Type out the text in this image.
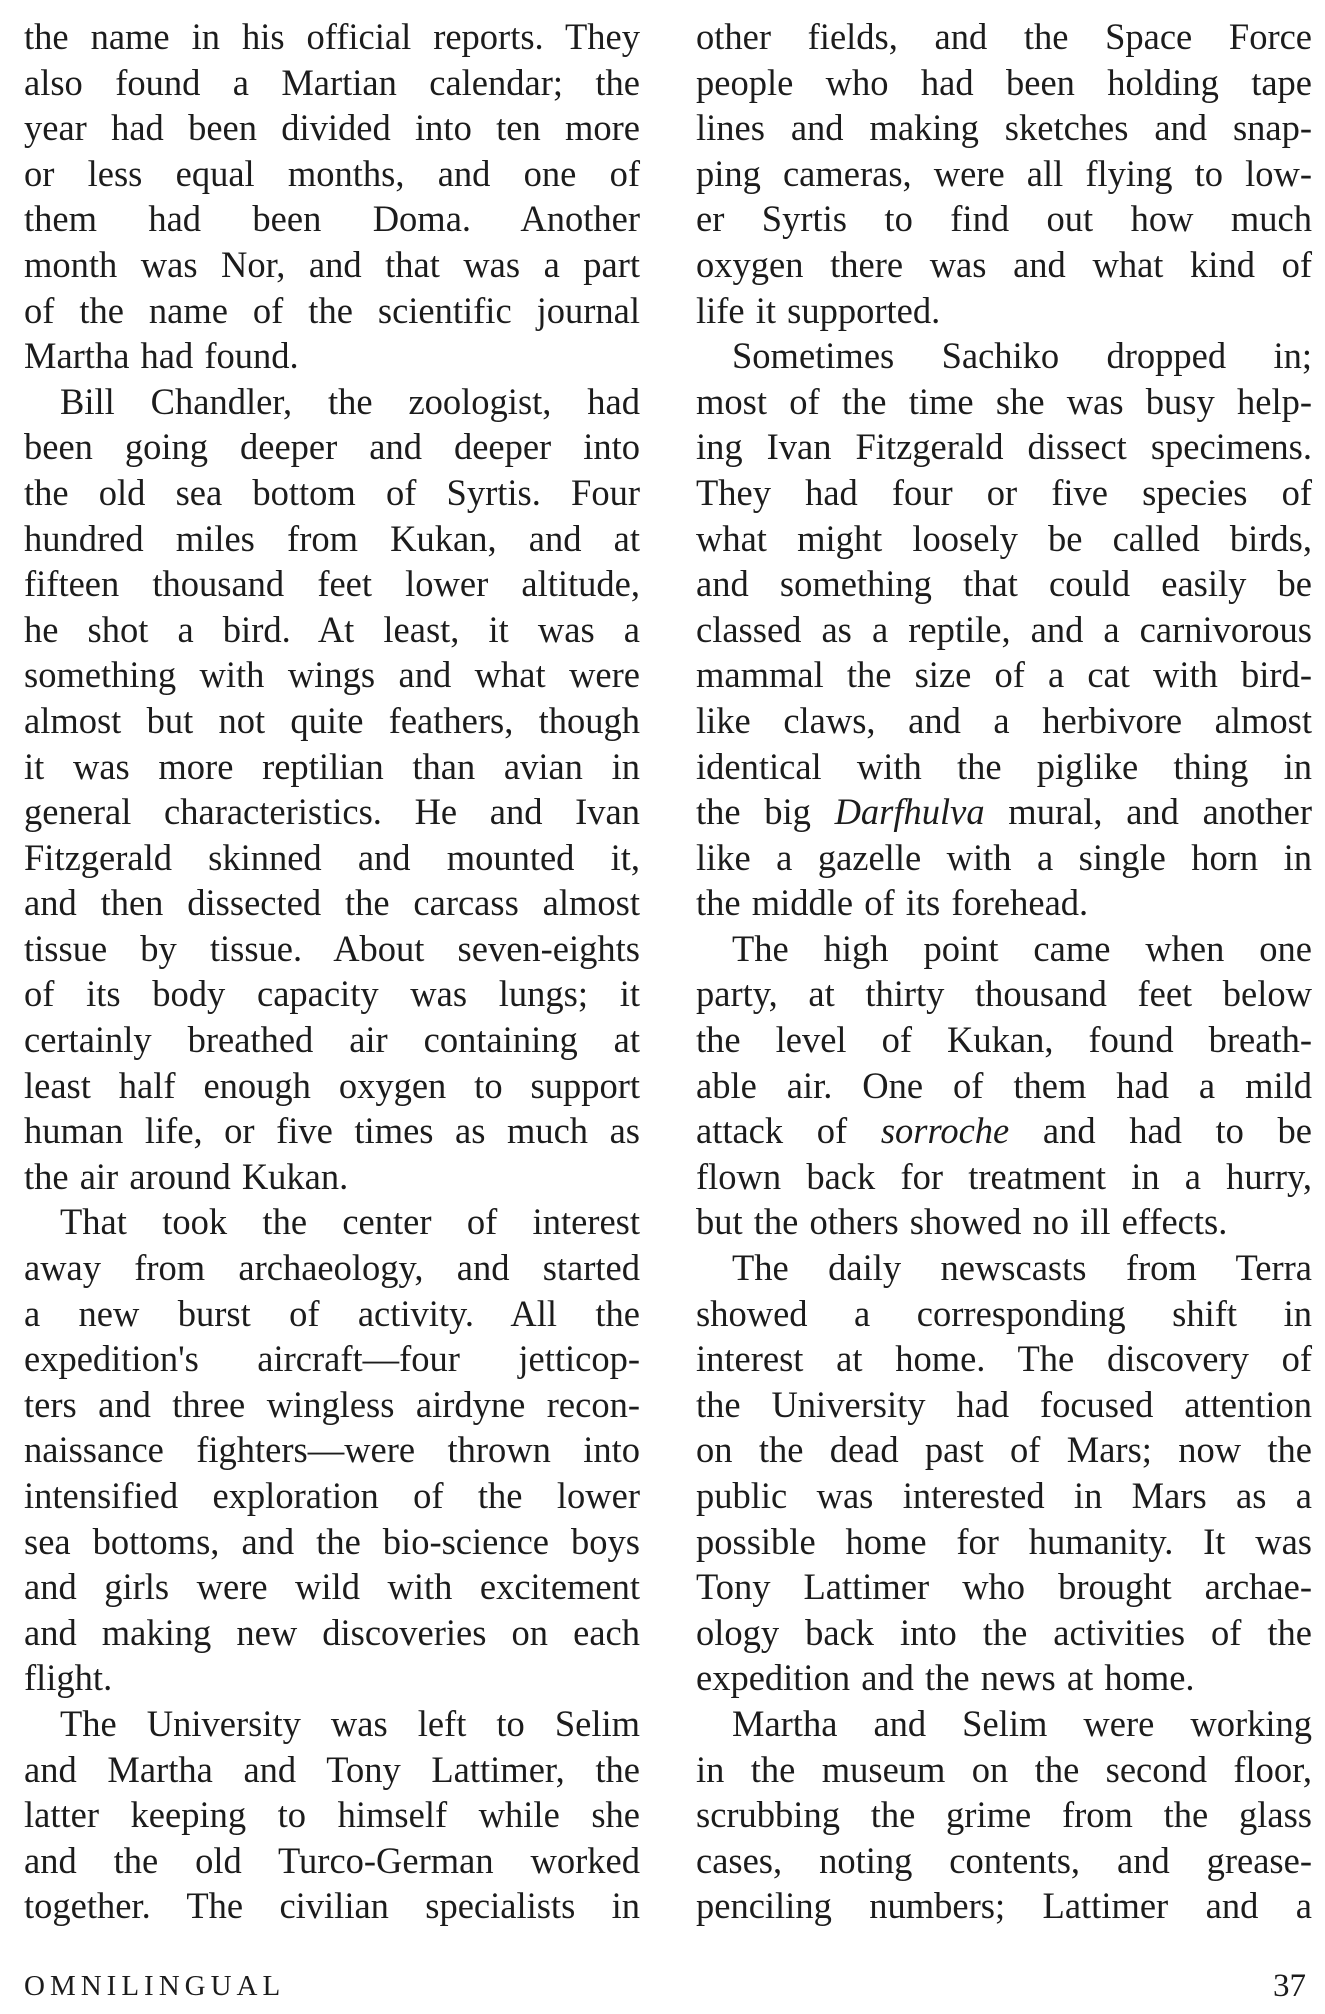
the name in his official reports. They
also found a Martian calendar; the
year had been divided into ten more
or less equal months, and one of
them had been Doma. Another
month was Nor, and that was a part
of the name of the scientific journal
Martha had found.
Bill Chandler, the zoologist, had
been going deeper and deeper into
the old sea bottom of Syrtis. Four
hundred miles from Kukan, and at
fifteen thousand feet lower altitude,
he shot a bird. At least, it was a
something with wings and what were
almost but not quite feathers, though
it was more reptilian than avian in
general characteristics. He and Ivan
Fitzgerald skinned and mounted it,
and then dissected the carcass almost
tissue by tissue. About seven-eights
of its body capacity was lungs; it
certainly breathed air containing at
least half enough oxygen to support
human life, or five times as much as
the air around Kukan.
That took the center of interest
away from archaeology, and started
a new burst of activity. All the
expedition's aircraft—four jetticop-
ters and three wingless airdyne recon-
naissance fighters—were thrown into
intensified exploration of the lower
sea bottoms, and the bio-science boys
and girls were wild with excitement
and making new discoveries on each
flight.
The University was left to Selim
and Martha and Tony Lattimer, the
latter keeping to himself while she
and the old Turco-German worked
together. The civilian specialists in
other fields, and the Space Force
people who had been holding tape
lines and making sketches and snap-
ping cameras, were all flying to low-
er Syrtis to find out how much
oxygen there was and what kind of
life it supported.
Sometimes Sachiko dropped in;
most of the time she was busy help-
ing Ivan Fitzgerald dissect specimens.
They had four or five species of
what might loosely be called birds,
and something that could easily be
classed as a reptile, and a carnivorous
mammal the size of a cat with bird-
like claws, and a herbivore almost
identical with the piglike thing in
the big Darfhulva mural, and another
like a gazelle with a single horn in
the middle of its forehead.
The high point came when one
party, at thirty thousand feet below
the level of Kukan, found breath-
able air. One of them had a mild
attack of sorroche and had to be
flown back for treatment in a hurry,
but the others showed no ill effects.
The daily newscasts from Terra
showed a corresponding shift in
interest at home. The discovery of
the University had focused attention
on the dead past of Mars; now the
public was interested in Mars as a
possible home for humanity. It was
Tony Lattimer who brought archae-
ology back into the activities of the
expedition and the news at home.
Martha and Selim were working
in the museum on the second floor,
scrubbing the grime from the glass
cases, noting contents, and grease-
penciling numbers; Lattimer and a
OMNILINGUAL	37
